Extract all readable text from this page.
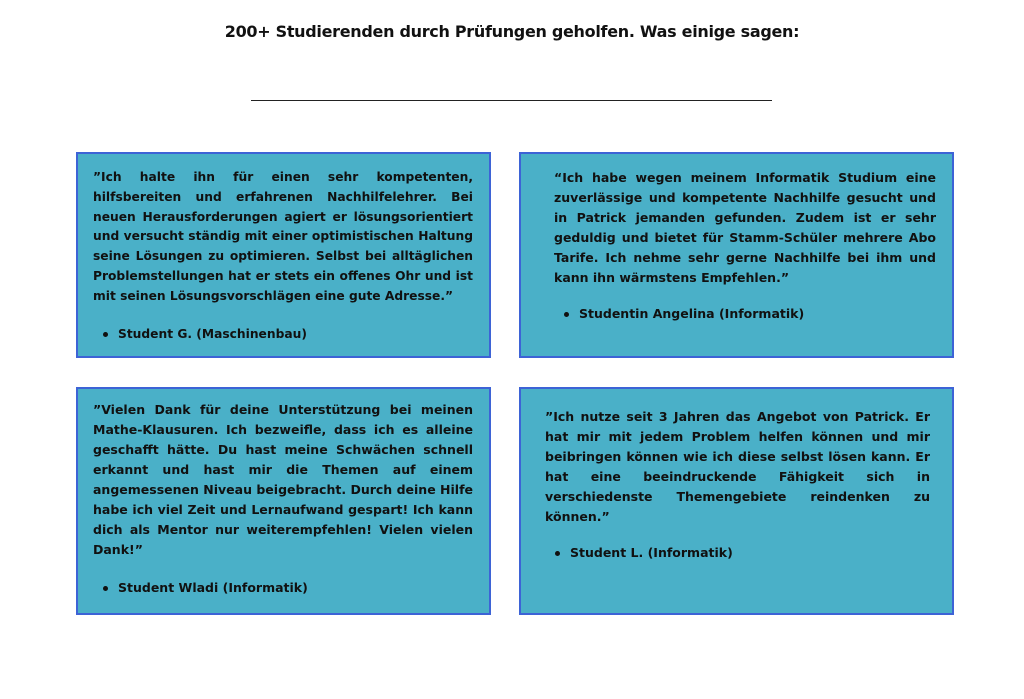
200+ Studierenden durch Prüfungen geholfen. Was einige sagen:

”Ich halte ihn für einen sehr kompetenten, hilfsbereiten und erfahrenen Nachhilfelehrer. Bei neuen Herausforderungen agiert er lösungsorientiert und versucht ständig mit einer optimistischen Haltung seine Lösungen zu optimieren. Selbst bei alltäglichen Problemstellungen hat er stets ein offenes Ohr und ist mit seinen Lösungsvorschlägen eine gute Adresse.”

Student G. (Maschinenbau)

“Ich habe wegen meinem Informatik Studium eine zuverlässige und kompetente Nachhilfe gesucht und in Patrick jemanden gefunden. Zudem ist er sehr geduldig und bietet für Stamm-Schüler mehrere Abo Tarife. Ich nehme sehr gerne Nachhilfe bei ihm und kann ihn wärmstens Empfehlen.”

Studentin Angelina (Informatik)

”Vielen Dank für deine Unterstützung bei meinen Mathe-Klausuren. Ich bezweifle, dass ich es alleine geschafft hätte. Du hast meine Schwächen schnell erkannt und hast mir die Themen auf einem angemessenen Niveau beigebracht. Durch deine Hilfe habe ich viel Zeit und Lernaufwand gespart! Ich kann dich als Mentor nur weiterempfehlen! Vielen vielen Dank!”

Student Wladi (Informatik)

”Ich nutze seit 3 Jahren das Angebot von Patrick. Er hat mir mit jedem Problem helfen können und mir beibringen können wie ich diese selbst lösen kann. Er hat eine beeindruckende Fähigkeit sich in verschiedenste Themengebiete reindenken zu können.”

Student L. (Informatik)
